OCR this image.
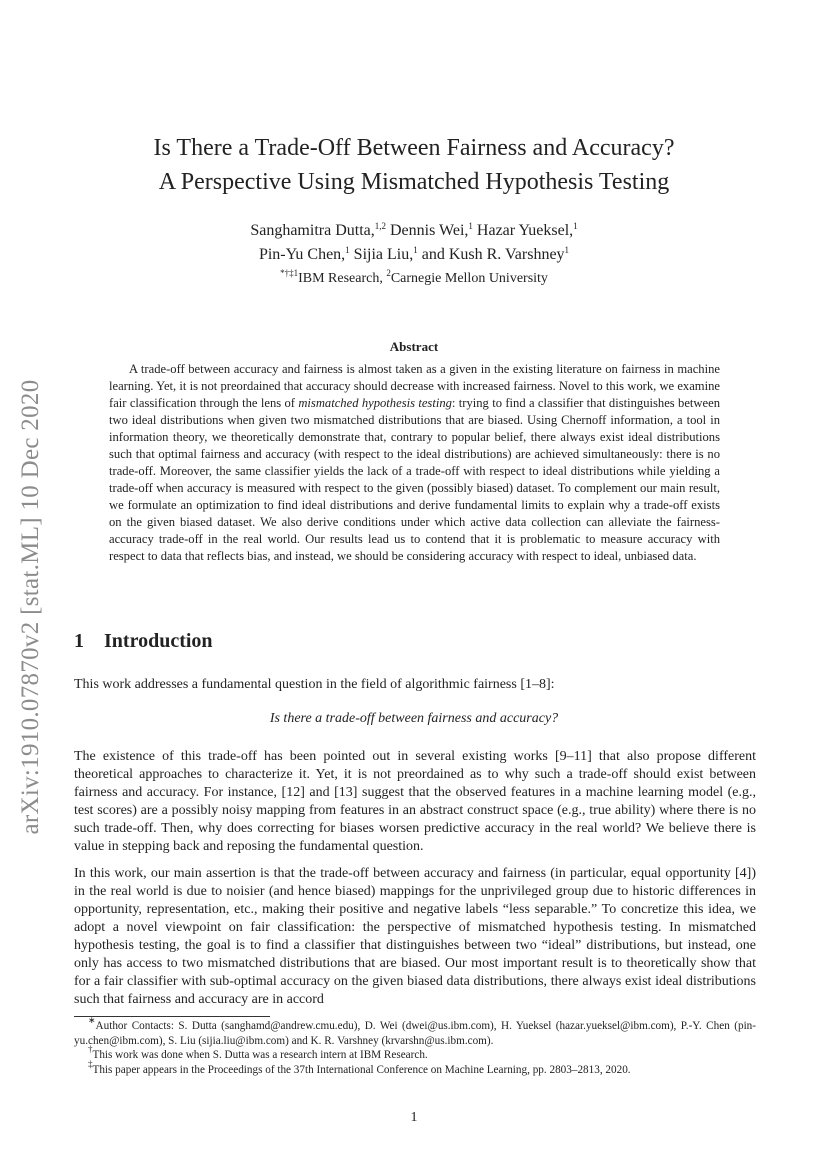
arXiv:1910.07870v2 [stat.ML] 10 Dec 2020
Is There a Trade-Off Between Fairness and Accuracy?
A Perspective Using Mismatched Hypothesis Testing
Sanghamitra Dutta,$^{1,2}$ Dennis Wei,$^1$ Hazar Yueksel,$^1$
Pin-Yu Chen,$^1$ Sijia Liu,$^1$ and Kush R. Varshney$^1$
$^{*\dagger\ddagger 1}$IBM Research, $^2$Carnegie Mellon University
Abstract

A trade-off between accuracy and fairness is almost taken as a given in the existing literature on fairness in machine learning. Yet, it is not preordained that accuracy should decrease with increased fairness. Novel to this work, we examine fair classification through the lens of mismatched hypothesis testing: trying to find a classifier that distinguishes between two ideal distributions when given two mismatched distributions that are biased. Using Chernoff information, a tool in information theory, we theoretically demonstrate that, contrary to popular belief, there always exist ideal distributions such that optimal fairness and accuracy (with respect to the ideal distributions) are achieved simultaneously: there is no trade-off. Moreover, the same classifier yields the lack of a trade-off with respect to ideal distributions while yielding a trade-off when accuracy is measured with respect to the given (possibly biased) dataset. To complement our main result, we formulate an optimization to find ideal distributions and derive fundamental limits to explain why a trade-off exists on the given biased dataset. We also derive conditions under which active data collection can alleviate the fairness-accuracy trade-off in the real world. Our results lead us to contend that it is problematic to measure accuracy with respect to data that reflects bias, and instead, we should be considering accuracy with respect to ideal, unbiased data.

1 Introduction

This work addresses a fundamental question in the field of algorithmic fairness [1–8]:

Is there a trade-off between fairness and accuracy?

The existence of this trade-off has been pointed out in several existing works [9–11] that also propose different theoretical approaches to characterize it. Yet, it is not preordained as to why such a trade-off should exist between fairness and accuracy. For instance, [12] and [13] suggest that the observed features in a machine learning model (e.g., test scores) are a possibly noisy mapping from features in an abstract construct space (e.g., true ability) where there is no such trade-off. Then, why does correcting for biases worsen predictive accuracy in the real world? We believe there is value in stepping back and reposing the fundamental question.

In this work, our main assertion is that the trade-off between accuracy and fairness (in particular, equal opportunity [4]) in the real world is due to noisier (and hence biased) mappings for the unprivileged group due to historic differences in opportunity, representation, etc., making their positive and negative labels “less separable.” To concretize this idea, we adopt a novel viewpoint on fair classification: the perspective of mismatched hypothesis testing. In mismatched hypothesis testing, the goal is to find a classifier that distinguishes between two “ideal” distributions, but instead, one only has access to two mismatched distributions that are biased. Our most important result is to theoretically show that for a fair classifier with sub-optimal accuracy on the given biased data distributions, there always exist ideal distributions such that fairness and accuracy are in accord

∗Author Contacts: S. Dutta (sanghamd@andrew.cmu.edu), D. Wei (dwei@us.ibm.com), H. Yueksel (hazar.yueksel@ibm.com), P.-Y. Chen (pin-yu.chen@ibm.com), S. Liu (sijia.liu@ibm.com) and K. R. Varshney (krvarshn@us.ibm.com).

†This work was done when S. Dutta was a research intern at IBM Research.

‡This paper appears in the Proceedings of the 37th International Conference on Machine Learning, pp. 2803–2813, 2020.

1
